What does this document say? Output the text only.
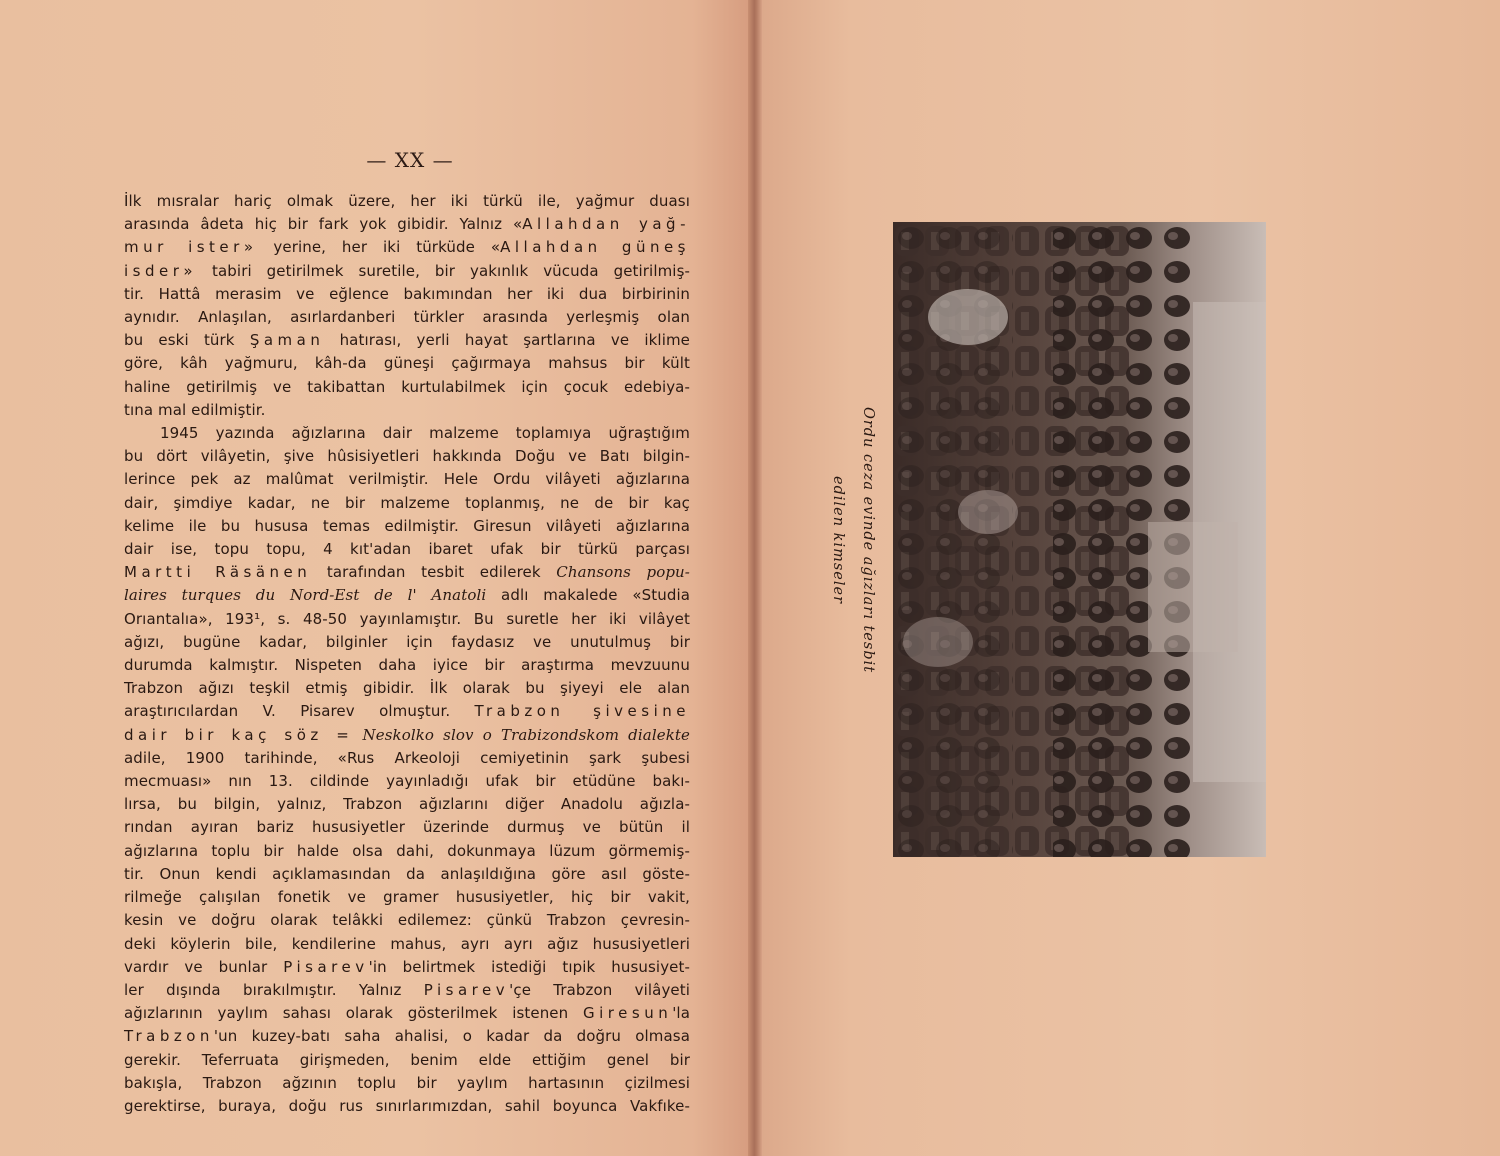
— XX —

İlk mısralar hariç olmak üzere, her iki türkü ile, yağmur duası

arasında âdeta hiç bir fark yok gibidir. Yalnız «Allahdan yağ-

mur ister» yerine, her iki türküde «Allahdan güneş

isder» tabiri getirilmek suretile, bir yakınlık vücuda getirilmiş-

tir. Hattâ merasim ve eğlence bakımından her iki dua birbirinin

aynıdır. Anlaşılan, asırlardanberi türkler arasında yerleşmiş olan

bu eski türk Şaman hatırası, yerli hayat şartlarına ve iklime

göre, kâh yağmuru, kâh-da güneşi çağırmaya mahsus bir kült

haline getirilmiş ve takibattan kurtulabilmek için çocuk edebiya-

tına mal edilmiştir.

1945 yazında ağızlarına dair malzeme toplamıya uğraştığım

bu dört vilâyetin, şive hûsisiyetleri hakkında Doğu ve Batı bilgin-

lerince pek az malûmat verilmiştir. Hele Ordu vilâyeti ağızlarına

dair, şimdiye kadar, ne bir malzeme toplanmış, ne de bir kaç

kelime ile bu hususa temas edilmiştir. Giresun vilâyeti ağızlarına

dair ise, topu topu, 4 kıt'adan ibaret ufak bir türkü parçası

Martti Räsänen tarafından tesbit edilerek Chansons popu-

laires turques du Nord-Est de l' Anatoli adlı makalede «Studia

Orıantalıa», 193¹, s. 48-50 yayınlamıştır. Bu suretle her iki vilâyet

ağızı, bugüne kadar, bilginler için faydasız ve unutulmuş bir

durumda kalmıştır. Nispeten daha iyice bir araştırma mevzuunu

Trabzon ağızı teşkil etmiş gibidir. İlk olarak bu şiyeyi ele alan

araştırıcılardan V. Pisarev olmuştur. Trabzon şivesine

dair bir kaç söz = Neskolko slov o Trabizondskom dialekte

adile, 1900 tarihinde, «Rus Arkeoloji cemiyetinin şark şubesi

mecmuası» nın 13. cildinde yayınladığı ufak bir etüdüne bakı-

lırsa, bu bilgin, yalnız, Trabzon ağızlarını diğer Anadolu ağızla-

rından ayıran bariz hususiyetler üzerinde durmuş ve bütün il

ağızlarına toplu bir halde olsa dahi, dokunmaya lüzum görmemiş-

tir. Onun kendi açıklamasından da anlaşıldığına göre asıl göste-

rilmeğe çalışılan fonetik ve gramer hususiyetler, hiç bir vakit,

kesin ve doğru olarak telâkki edilemez: çünkü Trabzon çevresin-

deki köylerin bile, kendilerine mahus, ayrı ayrı ağız hususiyetleri

vardır ve bunlar Pisarev'in belirtmek istediği tıpik hususiyet-

ler dışında bırakılmıştır. Yalnız Pisarev'çe Trabzon vilâyeti

ağızlarının yaylım sahası olarak gösterilmek istenen Giresun'la

Trabzon'un kuzey-batı saha ahalisi, o kadar da doğru olmasa

gerekir. Teferruata girişmeden, benim elde ettiğim genel bir

bakışla, Trabzon ağzının toplu bir yaylım hartasının çizilmesi

gerektirse, buraya, doğu rus sınırlarımızdan, sahil boyunca Vakfıke-

Ordu ceza evinde ağızları tesbit edilen kimseler
